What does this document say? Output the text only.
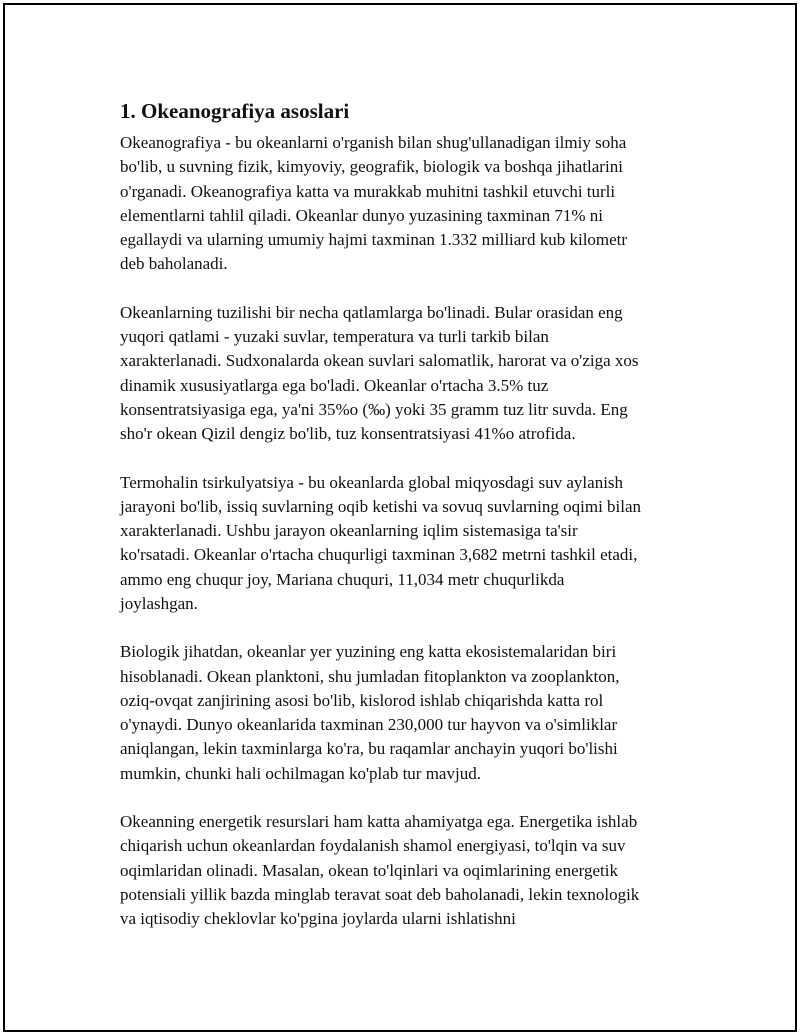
1. Okeanografiya asoslari

Okeanografiya - bu okeanlarni o'rganish bilan shug'ullanadigan ilmiy soha
bo'lib, u suvning fizik, kimyoviy, geografik, biologik va boshqa jihatlarini
o'rganadi. Okeanografiya katta va murakkab muhitni tashkil etuvchi turli
elementlarni tahlil qiladi. Okeanlar dunyo yuzasining taxminan 71% ni
egallaydi va ularning umumiy hajmi taxminan 1.332 milliard kub kilometr
deb baholanadi.

Okeanlarning tuzilishi bir necha qatlamlarga bo'linadi. Bular orasidan eng
yuqori qatlami - yuzaki suvlar, temperatura va turli tarkib bilan
xarakterlanadi. Sudxonalarda okean suvlari salomatlik, harorat va o'ziga xos
dinamik xususiyatlarga ega bo'ladi. Okeanlar o'rtacha 3.5% tuz
konsentratsiyasiga ega, ya'ni 35%o (‰) yoki 35 gramm tuz litr suvda. Eng
sho'r okean Qizil dengiz bo'lib, tuz konsentratsiyasi 41%o atrofida.

Termohalin tsirkulyatsiya - bu okeanlarda global miqyosdagi suv aylanish
jarayoni bo'lib, issiq suvlarning oqib ketishi va sovuq suvlarning oqimi bilan
xarakterlanadi. Ushbu jarayon okeanlarning iqlim sistemasiga ta'sir
ko'rsatadi. Okeanlar o'rtacha chuqurligi taxminan 3,682 metrni tashkil etadi,
ammo eng chuqur joy, Mariana chuquri, 11,034 metr chuqurlikda
joylashgan.

Biologik jihatdan, okeanlar yer yuzining eng katta ekosistemalaridan biri
hisoblanadi. Okean planktoni, shu jumladan fitoplankton va zooplankton,
oziq-ovqat zanjirining asosi bo'lib, kislorod ishlab chiqarishda katta rol
o'ynaydi. Dunyo okeanlarida taxminan 230,000 tur hayvon va o'simliklar
aniqlangan, lekin taxminlarga ko'ra, bu raqamlar anchayin yuqori bo'lishi
mumkin, chunki hali ochilmagan ko'plab tur mavjud.

Okeanning energetik resurslari ham katta ahamiyatga ega. Energetika ishlab
chiqarish uchun okeanlardan foydalanish shamol energiyasi, to'lqin va suv
oqimlaridan olinadi. Masalan, okean to'lqinlari va oqimlarining energetik
potensiali yillik bazda minglab teravat soat deb baholanadi, lekin texnologik
va iqtisodiy cheklovlar ko'pgina joylarda ularni ishlatishni
